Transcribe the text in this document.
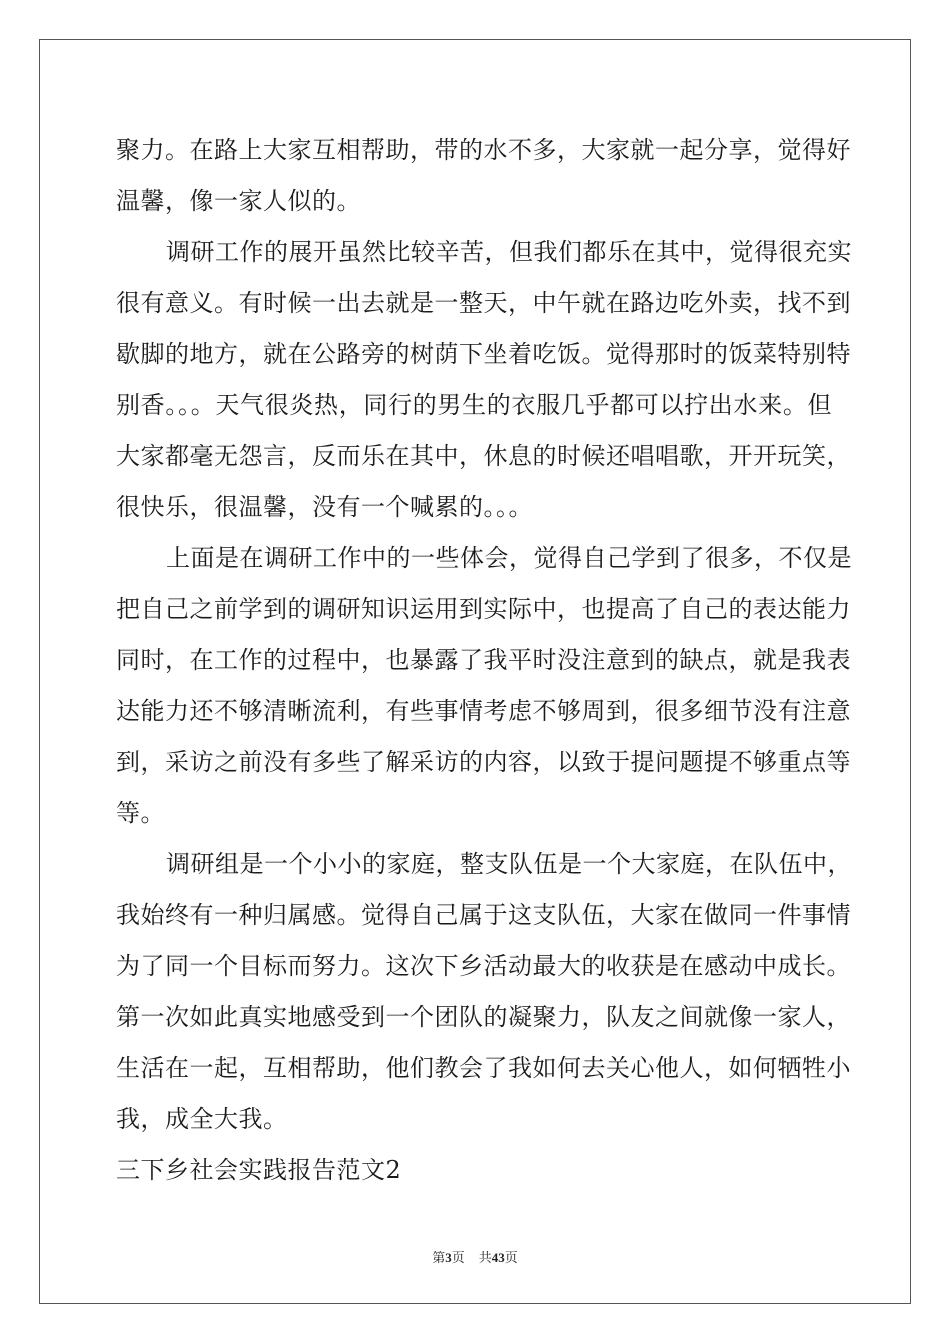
聚力。在路上大家互相帮助，带的水不多，大家就一起分享，觉得好
温馨，像一家人似的。
调研工作的展开虽然比较辛苦，但我们都乐在其中，觉得很充实
很有意义。有时候一出去就是一整天，中午就在路边吃外卖，找不到
歇脚的地方，就在公路旁的树荫下坐着吃饭。觉得那时的饭菜特别特
别香。。。天气很炎热，同行的男生的衣服几乎都可以拧出水来。但
大家都毫无怨言，反而乐在其中，休息的时候还唱唱歌，开开玩笑，
很快乐，很温馨，没有一个喊累的。。。
上面是在调研工作中的一些体会，觉得自己学到了很多，不仅是
把自己之前学到的调研知识运用到实际中，也提高了自己的表达能力
同时，在工作的过程中，也暴露了我平时没注意到的缺点，就是我表
达能力还不够清晰流利，有些事情考虑不够周到，很多细节没有注意
到，采访之前没有多些了解采访的内容，以致于提问题提不够重点等
等。
调研组是一个小小的家庭，整支队伍是一个大家庭，在队伍中，
我始终有一种归属感。觉得自己属于这支队伍，大家在做同一件事情
为了同一个目标而努力。这次下乡活动最大的收获是在感动中成长。
第一次如此真实地感受到一个团队的凝聚力，队友之间就像一家人，
生活在一起，互相帮助，他们教会了我如何去关心他人，如何牺牲小
我，成全大我。
三下乡社会实践报告范文2
第3页 共43页
